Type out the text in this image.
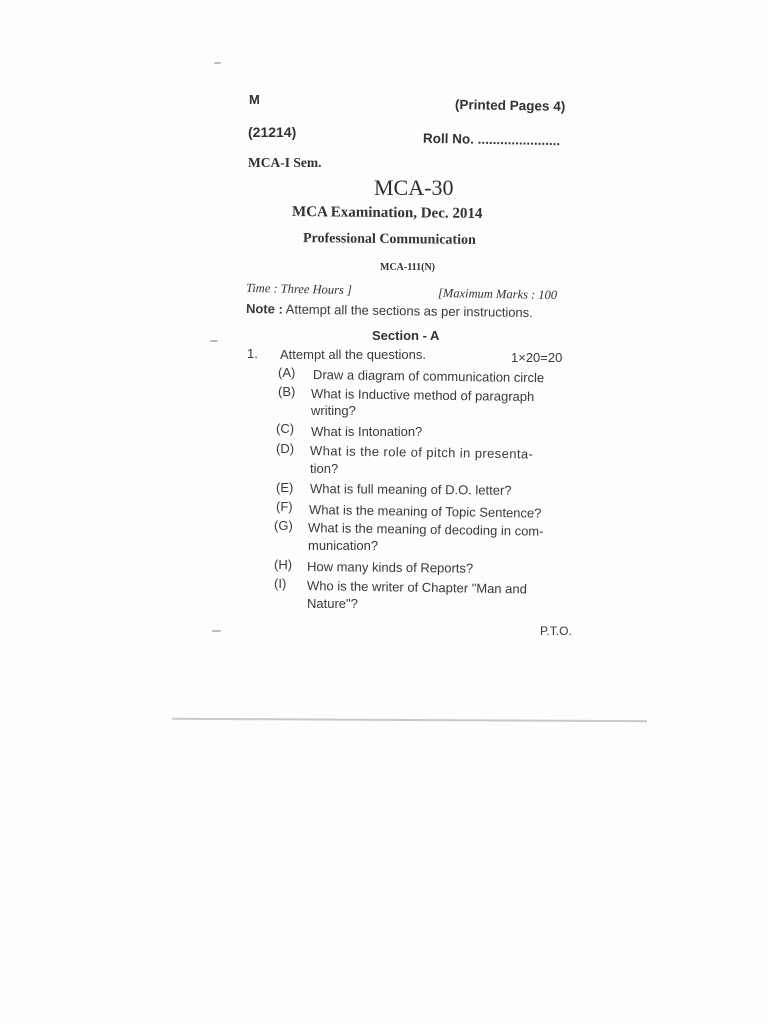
M	(Printed Pages 4)
(21214)	Roll No. ......................
MCA-I Sem.
MCA-30
MCA Examination, Dec. 2014
Professional Communication
MCA-111(N)
Time : Three Hours ]	[Maximum Marks : 100
Note : Attempt all the sections as per instructions.
Section - A
1. Attempt all the questions.	1×20=20
(A) Draw a diagram of communication circle
(B) What is Inductive method of paragraph
writing?
(C) What is Intonation?
(D) What is the role of pitch in presenta-
tion?
(E) What is full meaning of D.O. letter?
(F) What is the meaning of Topic Sentence?
(G) What is the meaning of decoding in com-
munication?
(H) How many kinds of Reports?
(I) Who is the writer of Chapter "Man and
Nature"?
P.T.O.
